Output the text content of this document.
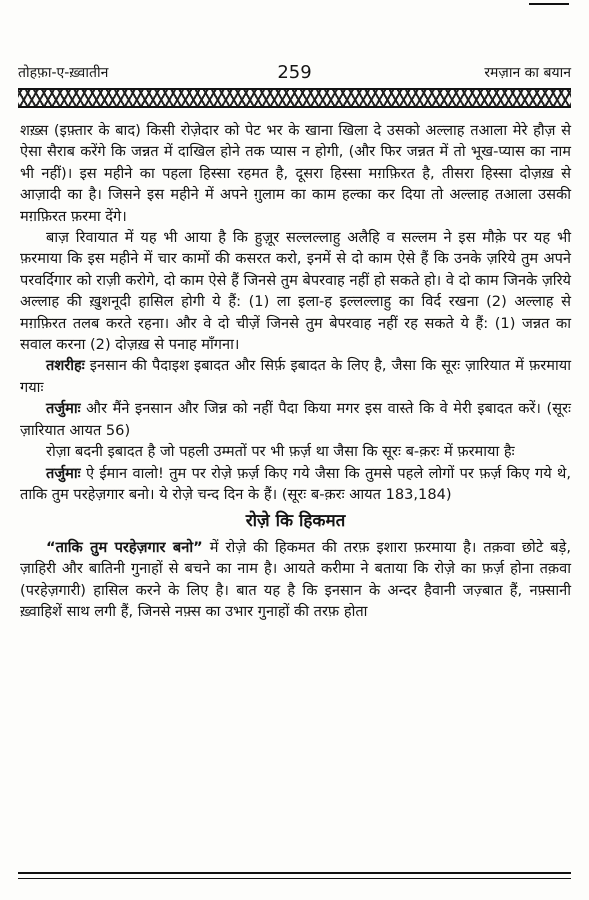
तोहफ़ा-ए-ख़्वातीन	259	रमज़ान का बयान

शख़्स (इफ़्तार के बाद) किसी रोज़ेदार को पेट भर के खाना खिला दे उसको अल्लाह तआला मेरे हौज़ से ऐसा सैराब करेंगे कि जन्नत में दाखिल होने तक प्यास न होगी, (और फिर जन्नत में तो भूख-प्यास का नाम भी नहीं)। इस महीने का पहला हिस्सा रहमत है, दूसरा हिस्सा मग़फ़िरत है, तीसरा हिस्सा दोज़ख़ से आज़ादी का है। जिसने इस महीने में अपने ग़ुलाम का काम हल्का कर दिया तो अल्लाह तआला उसकी मग़फ़िरत फ़रमा देंगे।

बाज़ रिवायात में यह भी आया है कि हुज़ूर सल्लल्लाहु अलैहि व सल्लम ने इस मौक़े पर यह भी फ़रमाया कि इस महीने में चार कामों की कसरत करो, इनमें से दो काम ऐसे हैं कि उनके ज़रिये तुम अपने परवर्दिगार को राज़ी करोगे, दो काम ऐसे हैं जिनसे तुम बेपरवाह नहीं हो सकते हो। वे दो काम जिनके ज़रिये अल्लाह की ख़ुशनूदी हासिल होगी ये हैं: (1) ला इला-ह इल्लल्लाहु का विर्द रखना (2) अल्लाह से मग़फ़िरत तलब करते रहना। और वे दो चीज़ें जिनसे तुम बेपरवाह नहीं रह सकते ये हैं: (1) जन्नत का सवाल करना (2) दोज़ख़ से पनाह माँगना।

तशरीहः इनसान की पैदाइश इबादत और सिर्फ़ इबादत के लिए है, जैसा कि सूरः ज़ारियात में फ़रमाया गयाः

तर्जुमाः और मैंने इनसान और जिन्न को नहीं पैदा किया मगर इस वास्ते कि वे मेरी इबादत करें। (सूरः ज़ारियात आयत 56)

रोज़ा बदनी इबादत है जो पहली उम्मतों पर भी फ़र्ज़ था जैसा कि सूरः ब-क़रः में फ़रमाया हैः

तर्जुमाः ऐ ईमान वालो! तुम पर रोज़े फ़र्ज़ किए गये जैसा कि तुमसे पहले लोगों पर फ़र्ज़ किए गये थे, ताकि तुम परहेज़गार बनो। ये रोज़े चन्द दिन के हैं। (सूरः ब-क़रः आयत 183,184)

रोज़े कि हिकमत

“ताकि तुम परहेज़गार बनो” में रोज़े की हिकमत की तरफ़ इशारा फ़रमाया है। तक़वा छोटे बड़े, ज़ाहिरी और बातिनी गुनाहों से बचने का नाम है। आयते करीमा ने बताया कि रोज़े का फ़र्ज़ होना तक़वा (परहेज़गारी) हासिल करने के लिए है। बात यह है कि इनसान के अन्दर हैवानी जज़्बात हैं, नफ़्सानी ख़्वाहिशें साथ लगी हैं, जिनसे नफ़्स का उभार गुनाहों की तरफ़ होता
